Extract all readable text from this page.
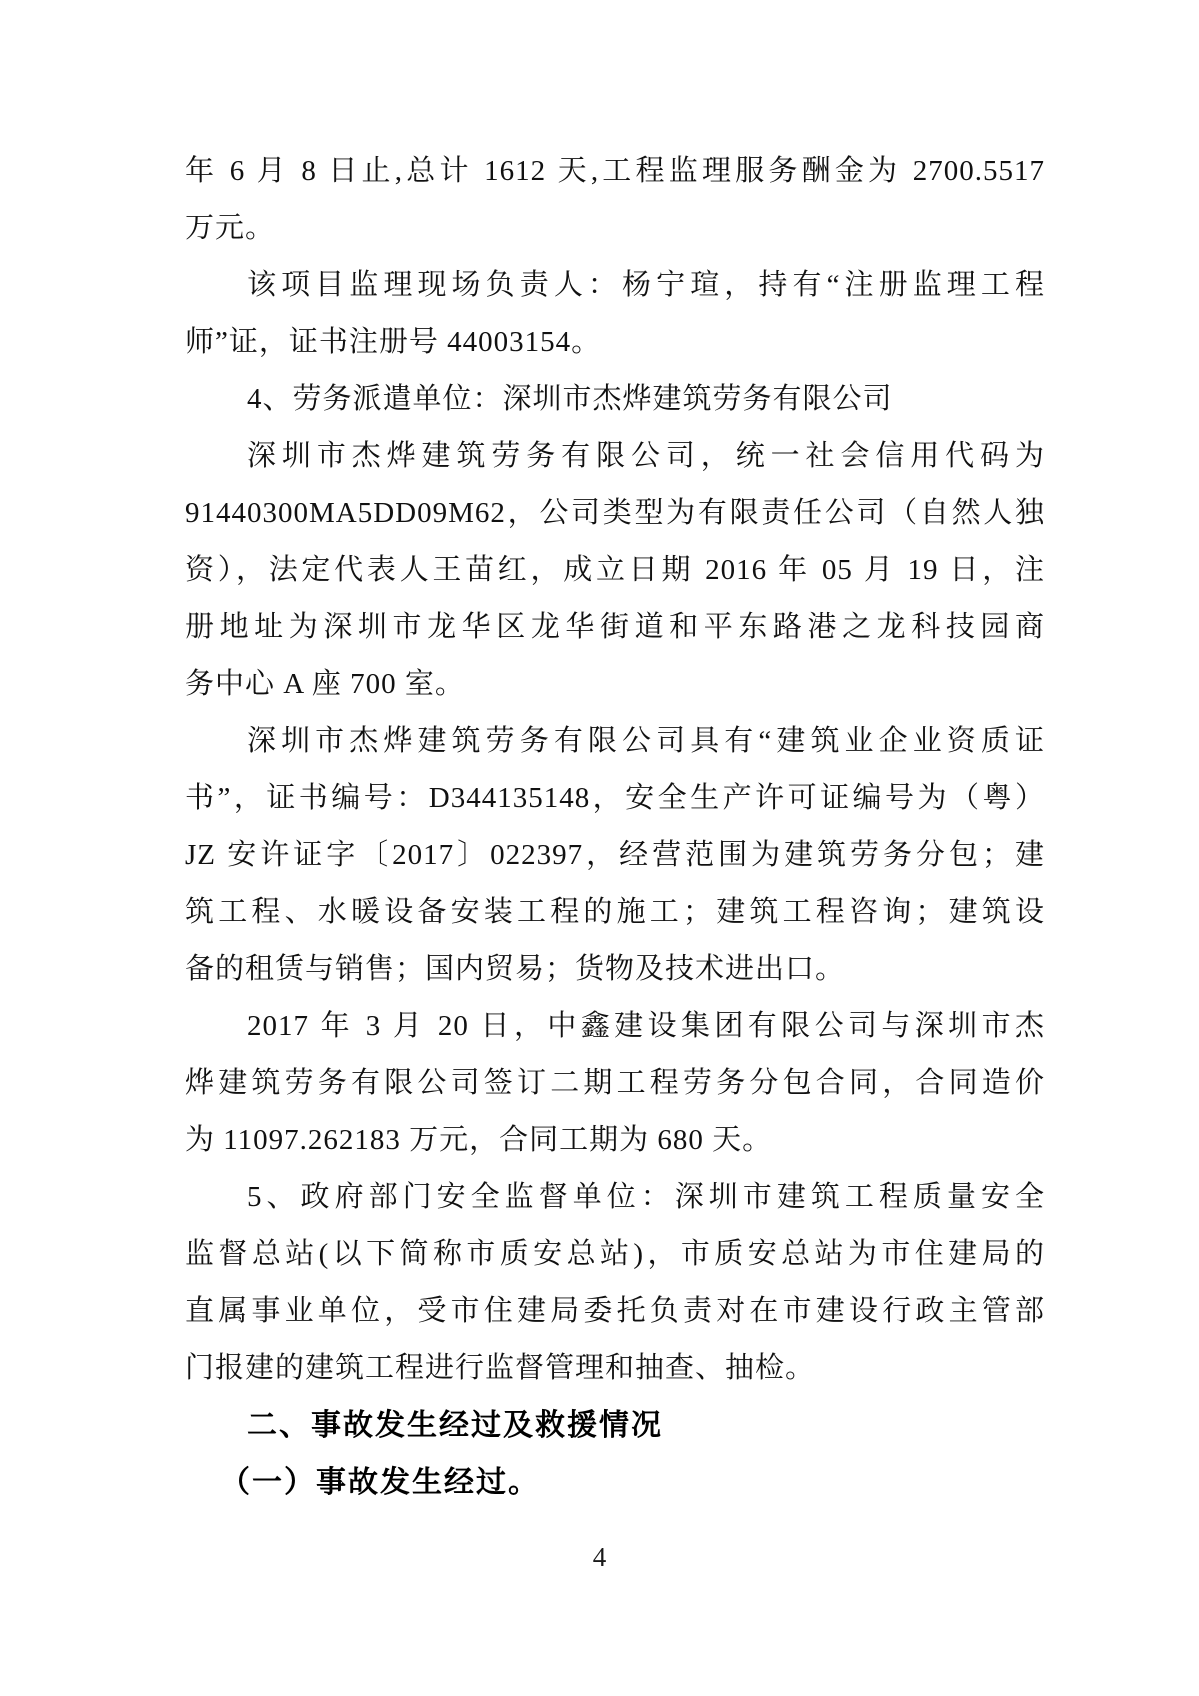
年 6 月 8 日止,总计 1612 天,工程监理服务酬金为 2700.5517
万元。
该项目监理现场负责人：杨宁瑄，持有“注册监理工程
师”证，证书注册号 44003154。
4、劳务派遣单位：深圳市杰烨建筑劳务有限公司
深圳市杰烨建筑劳务有限公司，统一社会信用代码为
91440300MA5DD09M62，公司类型为有限责任公司（自然人独
资），法定代表人王苗红，成立日期 2016 年 05 月 19 日，注
册地址为深圳市龙华区龙华街道和平东路港之龙科技园商
务中心 A 座 700 室。
深圳市杰烨建筑劳务有限公司具有“建筑业企业资质证
书”，证书编号：D344135148，安全生产许可证编号为（粤）
JZ 安许证字〔2017〕022397，经营范围为建筑劳务分包；建
筑工程、水暖设备安装工程的施工；建筑工程咨询；建筑设
备的租赁与销售；国内贸易；货物及技术进出口。
2017 年 3 月 20 日，中鑫建设集团有限公司与深圳市杰
烨建筑劳务有限公司签订二期工程劳务分包合同，合同造价
为 11097.262183 万元，合同工期为 680 天。
5、政府部门安全监督单位：深圳市建筑工程质量安全
监督总站(以下简称市质安总站)，市质安总站为市住建局的
直属事业单位，受市住建局委托负责对在市建设行政主管部
门报建的建筑工程进行监督管理和抽查、抽检。
二、事故发生经过及救援情况
（一）事故发生经过。
4
